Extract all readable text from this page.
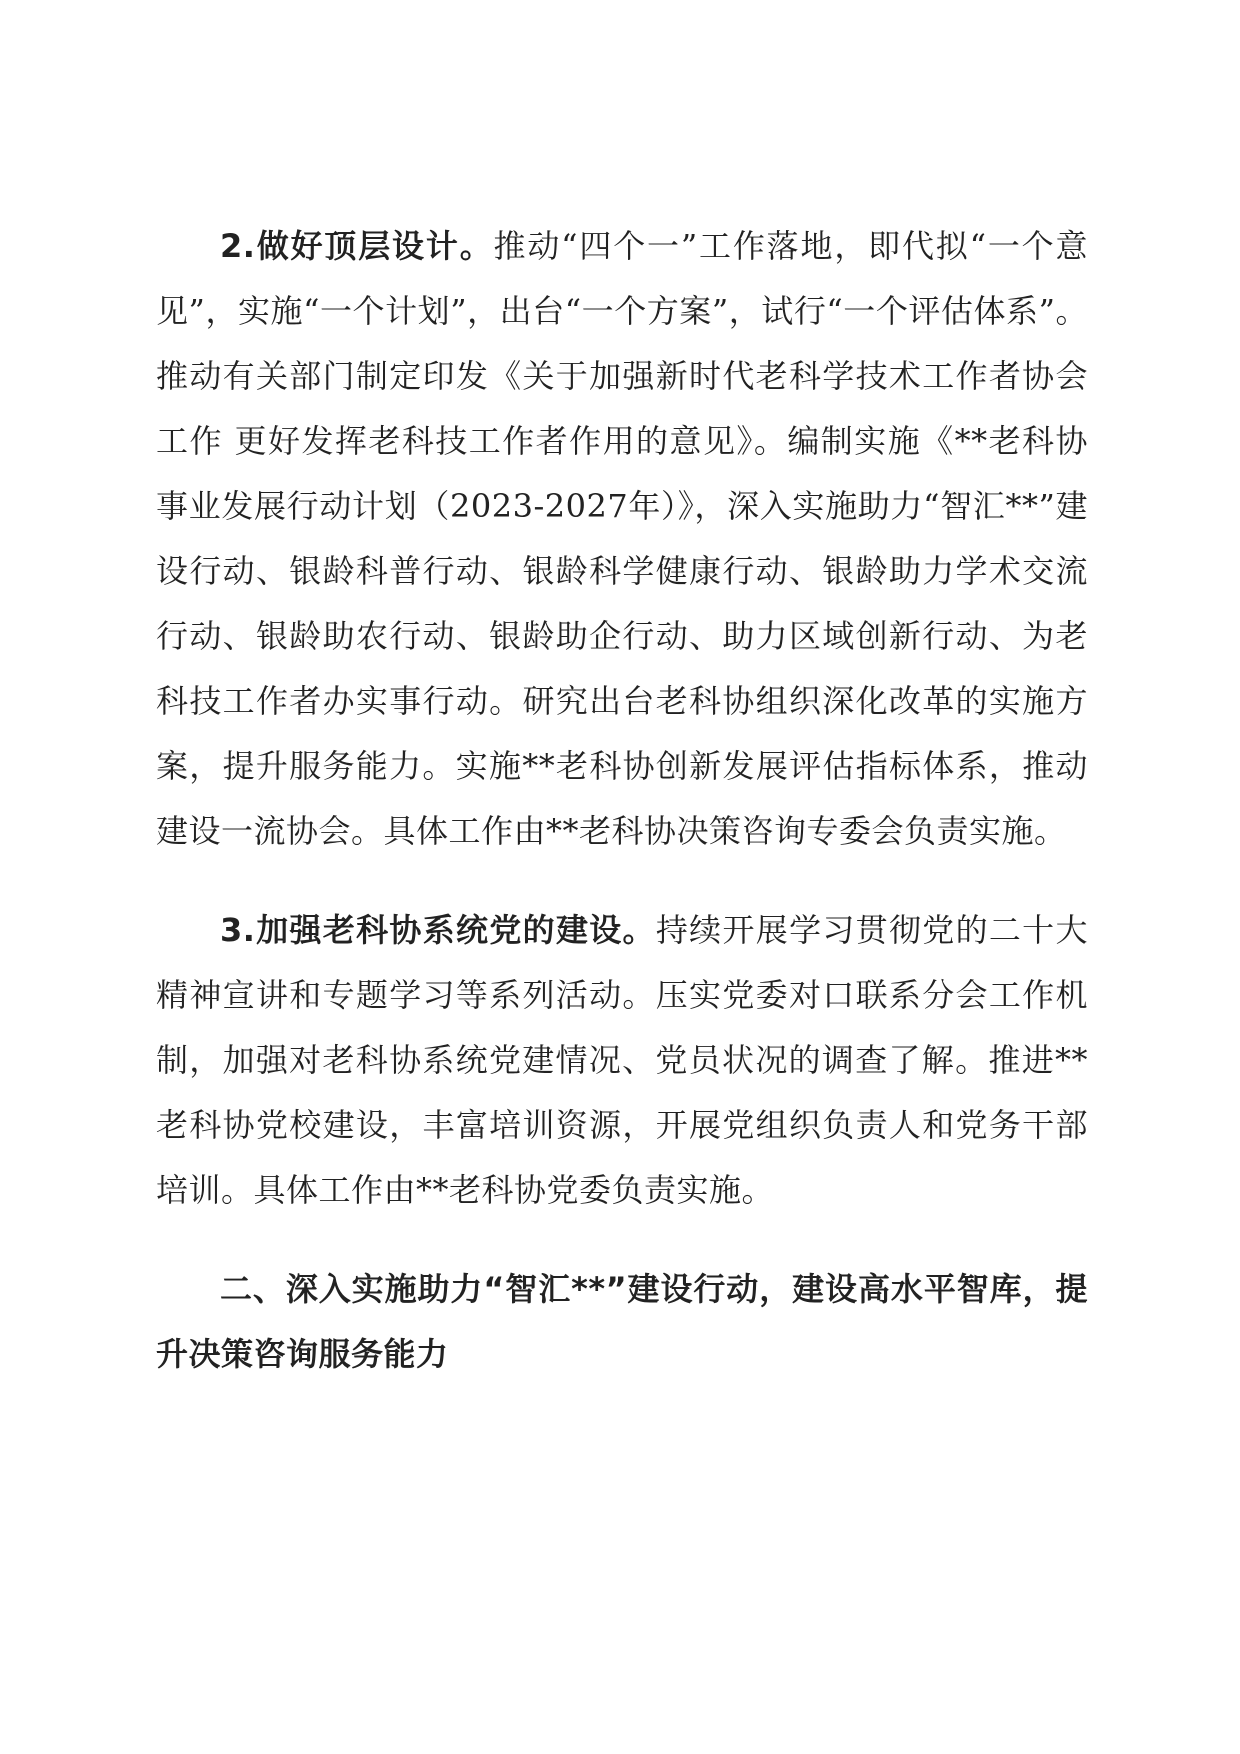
2.做好顶层设计。推动“四个一”工作落地，即代拟“一个意见”，实施“一个计划”，出台“一个方案”，试行“一个评估体系”。推动有关部门制定印发《关于加强新时代老科学技术工作者协会工作 更好发挥老科技工作者作用的意见》。编制实施《**老科协事业发展行动计划（2023-2027年）》，深入实施助力“智汇**”建设行动、银龄科普行动、银龄科学健康行动、银龄助力学术交流行动、银龄助农行动、银龄助企行动、助力区域创新行动、为老科技工作者办实事行动。研究出台老科协组织深化改革的实施方案，提升服务能力。实施**老科协创新发展评估指标体系，推动建设一流协会。具体工作由**老科协决策咨询专委会负责实施。

3.加强老科协系统党的建设。持续开展学习贯彻党的二十大精神宣讲和专题学习等系列活动。压实党委对口联系分会工作机制，加强对老科协系统党建情况、党员状况的调查了解。推进**老科协党校建设，丰富培训资源，开展党组织负责人和党务干部培训。具体工作由**老科协党委负责实施。

二、深入实施助力“智汇**”建设行动，建设高水平智库，提升决策咨询服务能力
